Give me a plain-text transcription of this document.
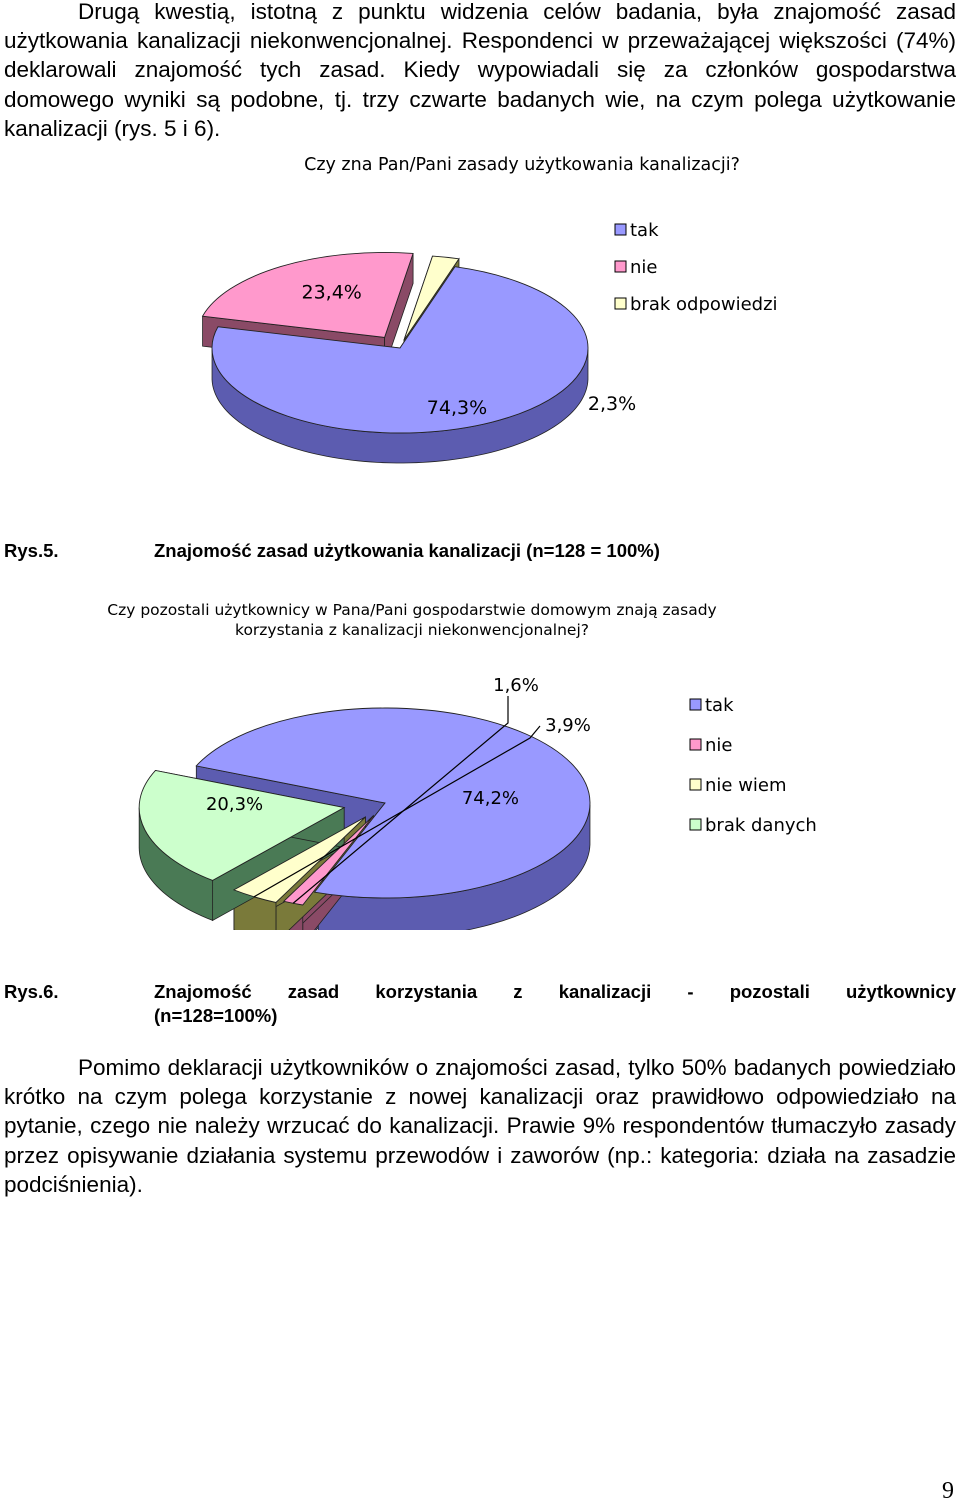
Drugą kwestią, istotną z punktu widzenia celów badania, była znajomość zasad użytkowania kanalizacji niekonwencjonalnej. Respondenci w przeważającej większości (74%) deklarowali znajomość tych zasad. Kiedy wypowiadali się za członków gospodarstwa domowego wyniki są podobne, tj. trzy czwarte badanych wie, na czym polega użytkowanie kanalizacji (rys. 5 i 6).

Czy zna Pan/Pani zasady użytkowania kanalizacji?
74,3%
23,4%
2,3%
tak
nie
brak odpowiedzi
Rys.5.	Znajomość zasad użytkowania kanalizacji (n=128 = 100%)
Czy pozostali użytkownicy w Pana/Pani gospodarstwie domowym znają zasady
korzystania z kanalizacji niekonwencjonalnej?
74,2%
1,6%
3,9%
20,3%
tak
nie
nie wiem
brak danych
Rys.6.	Znajomość zasad korzystania z kanalizacji - pozostali użytkownicy
(n=128=100%)

Pomimo deklaracji użytkowników o znajomości zasad, tylko 50% badanych powiedziało krótko na czym polega korzystanie z nowej kanalizacji oraz prawidłowo odpowiedziało na pytanie, czego nie należy wrzucać do kanalizacji. Prawie 9% respondentów tłumaczyło zasady przez opisywanie działania systemu przewodów i zaworów (np.: kategoria: działa na zasadzie podciśnienia).

9
